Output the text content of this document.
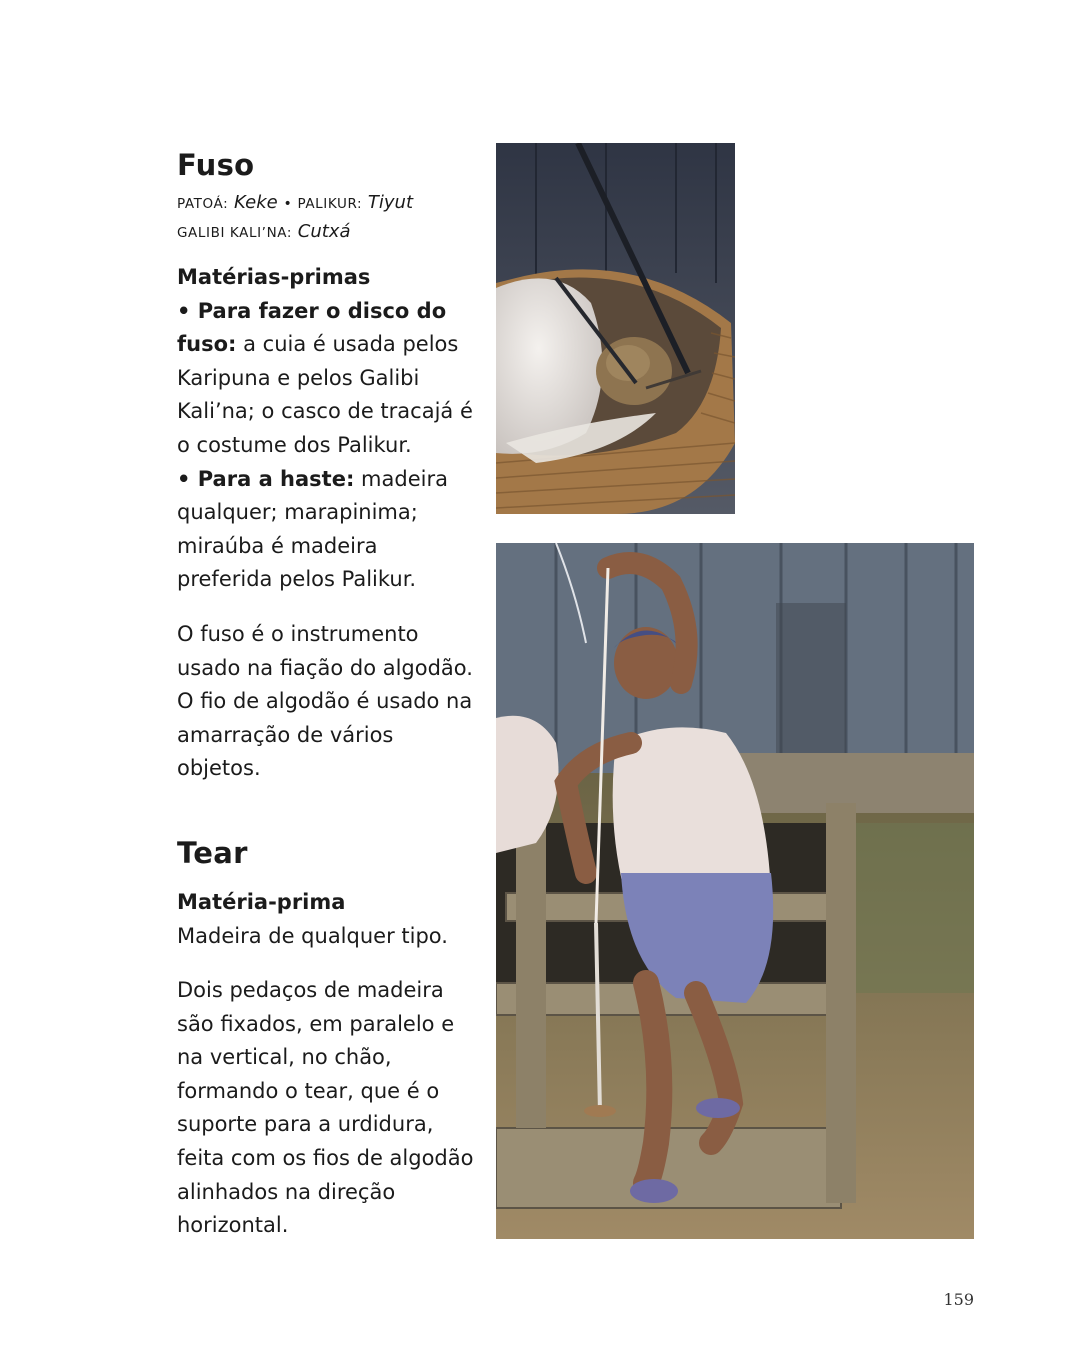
Fuso
PATOÁ: Keke • PALIKUR: Tiyut
GALIBI KALI’NA: Cutxá

Matérias-primas

• Para fazer o disco do fuso: a cuia é usada pelos Karipuna e pelos Galibi Kali’na; o casco de tracajá é o costume dos Palikur.

• Para a haste: madeira qualquer; marapinima; miraúba é madeira preferida pelos Palikur.

O fuso é o instrumento usado na fiação do algodão. O fio de algodão é usado na amarração de vários objetos.

Tear

Matéria-prima

Madeira de qualquer tipo.

Dois pedaços de madeira são fixados, em paralelo e na vertical, no chão, formando o tear, que é o suporte para a urdidura, feita com os fios de algodão alinhados na direção horizontal.

159
